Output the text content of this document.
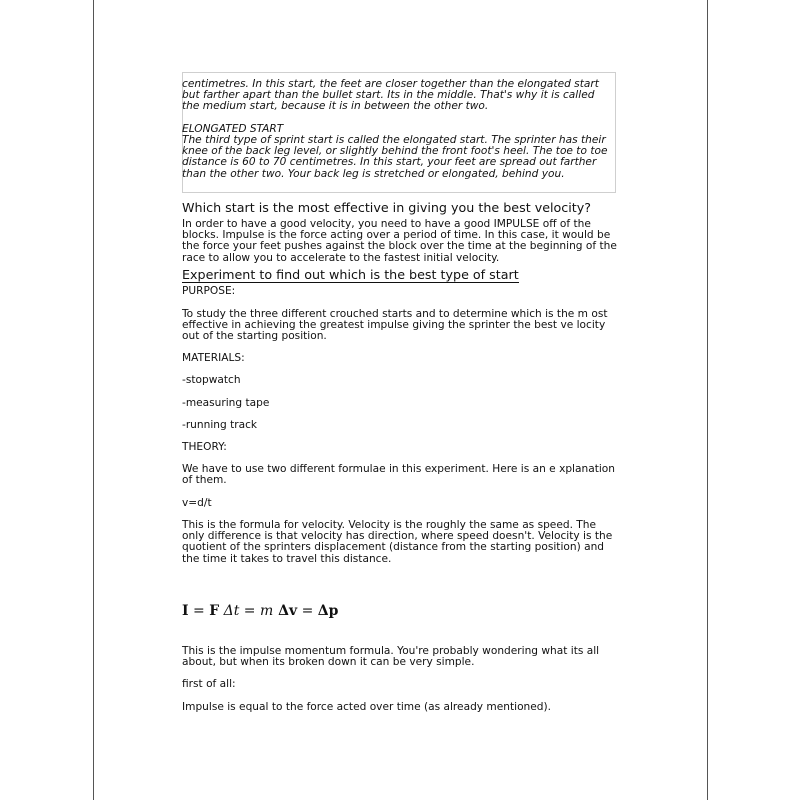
centimetres. In this start, the feet are closer together than the elongated start but farther apart than the bullet start. Its in the middle. That's why it is called the medium start, because it is in between the other two.

ELONGATED START

The third type of sprint start is called the elongated start. The sprinter has their knee of the back leg level, or slightly behind the front foot's heel. The toe to toe distance is 60 to 70 centimetres. In this start, your feet are spread out farther than the other two. Your back leg is stretched or elongated, behind you.

Which start is the most effective in giving you the best velocity?

In order to have a good velocity, you need to have a good IMPULSE off of the blocks. Impulse is the force acting over a period of time. In this case, it would be the force your feet pushes against the block over the time at the beginning of the race to allow you to accelerate to the fastest initial velocity.

Experiment to find out which is the best type of start

PURPOSE:

To study the three different crouched starts and to determine which is the m ost effective in achieving the greatest impulse giving the sprinter the best ve locity out of the starting position.

MATERIALS:

-stopwatch

-measuring tape

-running track

THEORY:

We have to use two different formulae in this experiment. Here is an e xplanation of them.

v=d/t

This is the formula for velocity. Velocity is the roughly the same as speed. The only difference is that velocity has direction, where speed doesn't. Velocity is the quotient of the sprinters displacement (distance from the starting position) and the time it takes to travel this distance.

I = F Δt = m Δv = Δp

This is the impulse momentum formula. You're probably wondering what its all about, but when its broken down it can be very simple.

first of all:

Impulse is equal to the force acted over time (as already mentioned).
